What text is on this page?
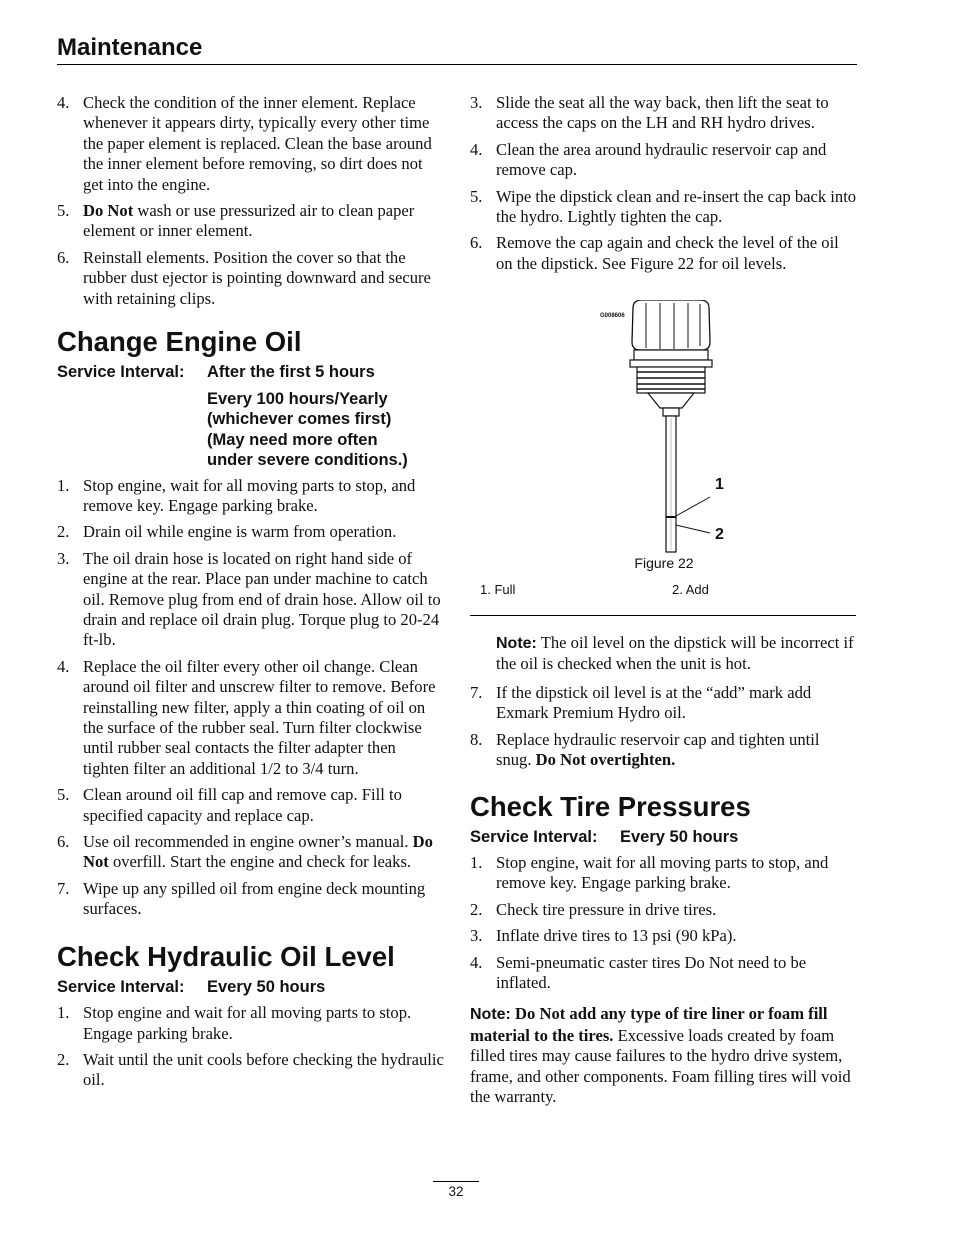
Maintenance
4. Check the condition of the inner element. Replace whenever it appears dirty, typically every other time the paper element is replaced. Clean the base around the inner element before removing, so dirt does not get into the engine.
5. Do Not wash or use pressurized air to clean paper element or inner element.
6. Reinstall elements. Position the cover so that the rubber dust ejector is pointing downward and secure with retaining clips.
Change Engine Oil
Service Interval: After the first 5 hours
Every 100 hours/Yearly
(whichever comes first)
(May need more often
under severe conditions.)
1. Stop engine, wait for all moving parts to stop, and remove key. Engage parking brake.
2. Drain oil while engine is warm from operation.
3. The oil drain hose is located on right hand side of engine at the rear. Place pan under machine to catch oil. Remove plug from end of drain hose. Allow oil to drain and replace oil drain plug. Torque plug to 20-24 ft-lb.
4. Replace the oil filter every other oil change. Clean around oil filter and unscrew filter to remove. Before reinstalling new filter, apply a thin coating of oil on the surface of the rubber seal. Turn filter clockwise until rubber seal contacts the filter adapter then tighten filter an additional 1/2 to 3/4 turn.
5. Clean around oil fill cap and remove cap. Fill to specified capacity and replace cap.
6. Use oil recommended in engine owner’s manual. Do Not overfill. Start the engine and check for leaks.
7. Wipe up any spilled oil from engine deck mounting surfaces.
Check Hydraulic Oil Level
Service Interval: Every 50 hours
1. Stop engine and wait for all moving parts to stop. Engage parking brake.
2. Wait until the unit cools before checking the hydraulic oil.
3. Slide the seat all the way back, then lift the seat to access the caps on the LH and RH hydro drives.
4. Clean the area around hydraulic reservoir cap and remove cap.
5. Wipe the dipstick clean and re-insert the cap back into the hydro. Lightly tighten the cap.
6. Remove the cap again and check the level of the oil on the dipstick. See Figure 22 for oil levels.
G008606
1
2
Figure 22
1. Full	2. Add

Note: The oil level on the dipstick will be incorrect if the oil is checked when the unit is hot.

7. If the dipstick oil level is at the “add” mark add Exmark Premium Hydro oil.
8. Replace hydraulic reservoir cap and tighten until snug. Do Not overtighten.
Check Tire Pressures
Service Interval: Every 50 hours
1. Stop engine, wait for all moving parts to stop, and remove key. Engage parking brake.
2. Check tire pressure in drive tires.
3. Inflate drive tires to 13 psi (90 kPa).
4. Semi-pneumatic caster tires Do Not need to be inflated.

Note: Do Not add any type of tire liner or foam fill material to the tires. Excessive loads created by foam filled tires may cause failures to the hydro drive system, frame, and other components. Foam filling tires will void the warranty.

32
